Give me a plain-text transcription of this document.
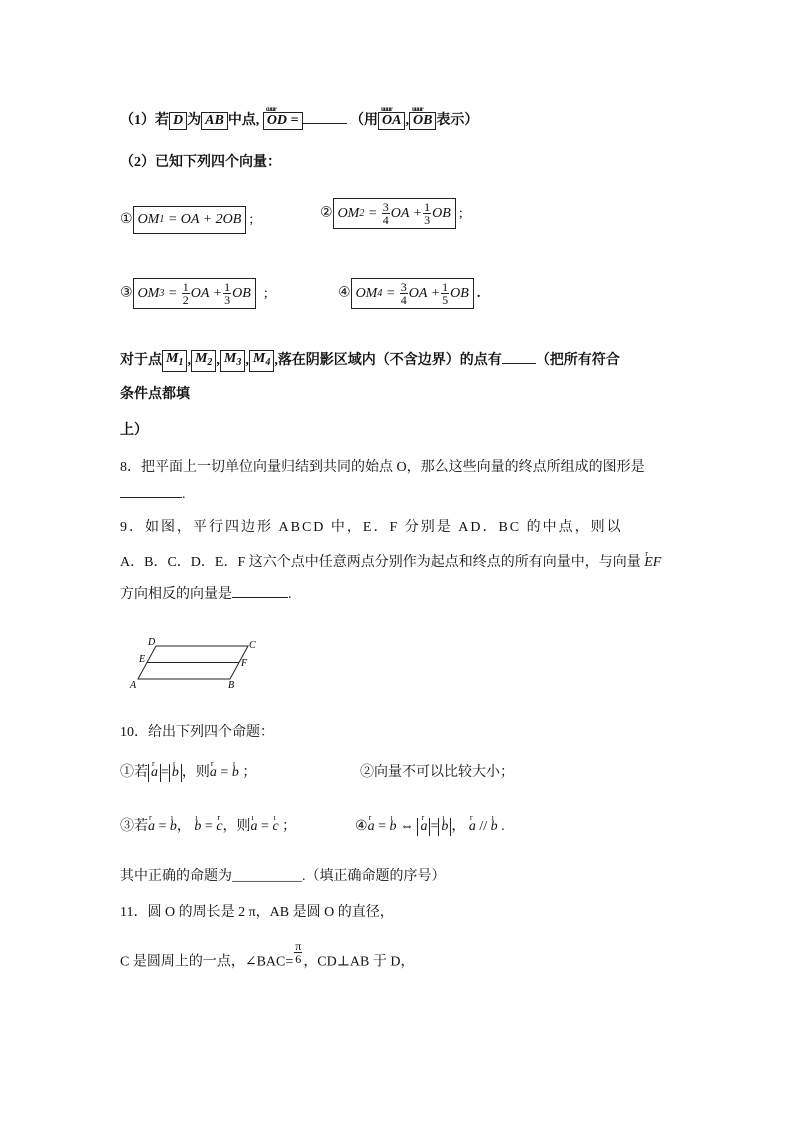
（1）若 D 为 AB 中点,
cuur
OD =	（用
uuur
OA ,
uuur
OB 表示）
（2）已知下列四个向量：
① OM 1
= OA + 2OB ;	② OM $2 = \frac{3}{4}$ OA + $\frac{1}{3}$ OB ;
③ OM $3 = \frac{1}{2}$ OA + $\frac{1}{3}$ OB ;	④ OM $4 = \frac{3}{4}$ OA + $\frac{1}{5}$ OB .
对于点 $M_1$ , $M_2$ , $M_3$ , $M_4$ ,落在阴影区域内（不含边界）的点有 （把所有符合
条件点都填
上）
8．把平面上一切单位向量归结到共同的始点 O，那么这些向量的终点所组成的图形是
.
9．如图，平行四边形 ABCD 中，E．F 分别是 AD．BC 的中点，则以
A．B．C．D．E．F 这六个点中任意两点分别作为起点和终点的所有向量中，与向量 r EF
方向相反的向量是	.
A	B
C
D
E	F
10．给出下列四个命题：
①若 r a = ı b ，则r a = ı b ；	②向量不可以比较大小；
③若r a = ı b， ı b = r c，则ı a = ı c ；	④r a = ı b ⇔ r a = ı b ， r a // ı b .
其中正确的命题为__________.（填正确命题的序号）
11．圆 O 的周长是 2 π，AB 是圆 O 的直径，
C 是圆周上的一点，∠BAC= $\frac{\pi}{6}$ ，CD⊥AB 于 D，
